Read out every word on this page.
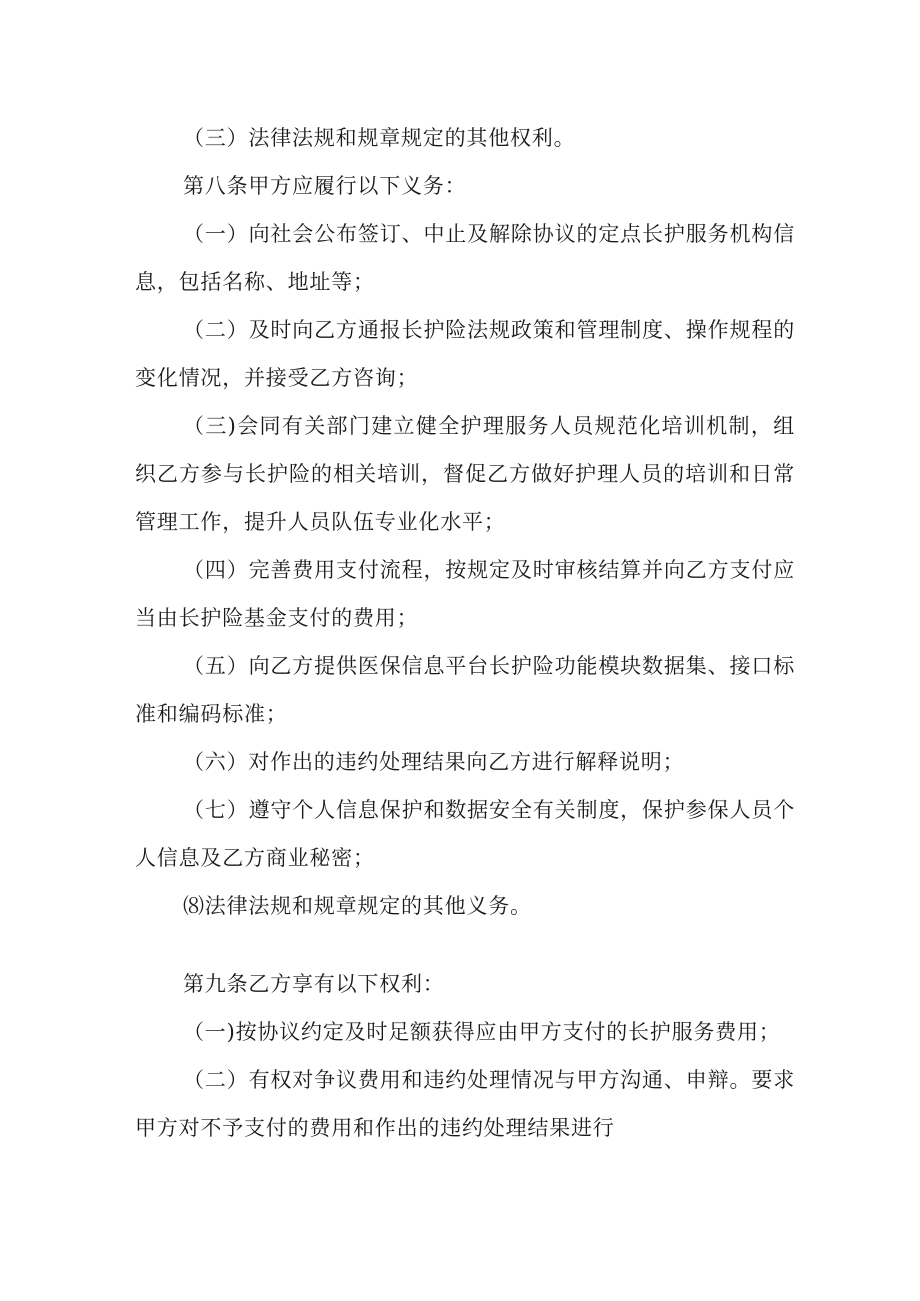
（三）法律法规和规章规定的其他权利。

第八条甲方应履行以下义务：

（一）向社会公布签订、中止及解除协议的定点长护服务机构信息，包括名称、地址等；

（二）及时向乙方通报长护险法规政策和管理制度、操作规程的变化情况，并接受乙方咨询；

（三)会同有关部门建立健全护理服务人员规范化培训机制，组织乙方参与长护险的相关培训，督促乙方做好护理人员的培训和日常管理工作，提升人员队伍专业化水平；

（四）完善费用支付流程，按规定及时审核结算并向乙方支付应当由长护险基金支付的费用；

（五）向乙方提供医保信息平台长护险功能模块数据集、接口标准和编码标准；

（六）对作出的违约处理结果向乙方进行解释说明；

（七）遵守个人信息保护和数据安全有关制度，保护参保人员个人信息及乙方商业秘密；

⑻法律法规和规章规定的其他义务。

第九条乙方享有以下权利：

（一)按协议约定及时足额获得应由甲方支付的长护服务费用；

（二）有权对争议费用和违约处理情况与甲方沟通、申辩。要求甲方对不予支付的费用和作出的违约处理结果进行
